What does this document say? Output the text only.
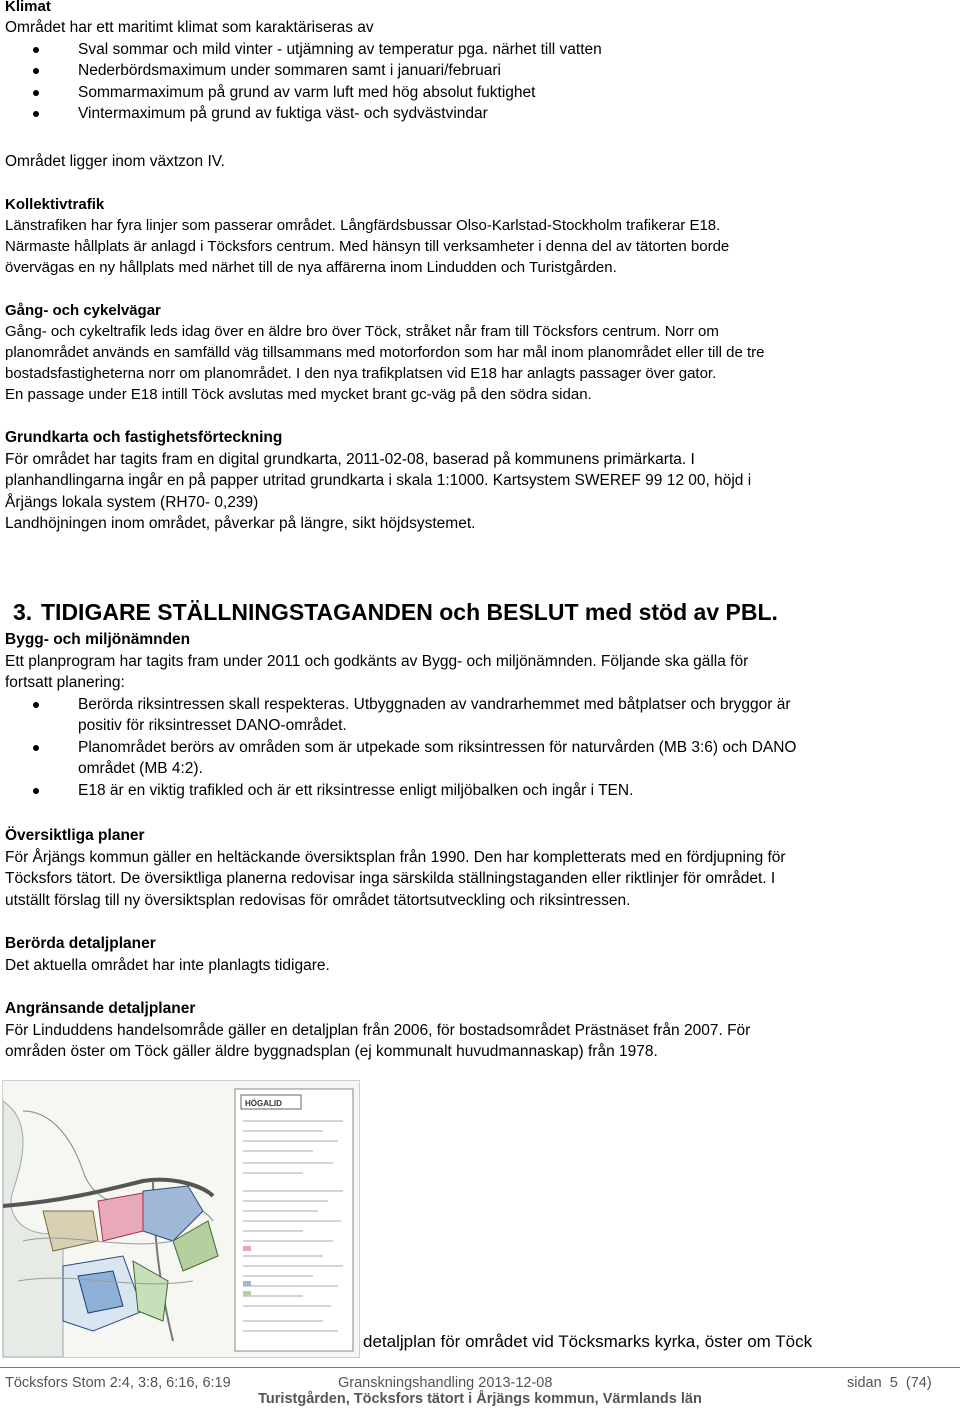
Klimat

Området har ett maritimt klimat som karaktäriseras av

Sval sommar och mild vinter - utjämning av temperatur pga. närhet till vatten
Nederbördsmaximum under sommaren samt i januari/februari
Sommarmaximum på grund av varm luft med hög absolut fuktighet
Vintermaximum på grund av fuktiga väst- och sydvästvindar

Området ligger inom växtzon IV.

Kollektivtrafik

Länstrafiken har fyra linjer som passerar området. Långfärdsbussar Olso-Karlstad-Stockholm trafikerar E18.

Närmaste hållplats är anlagd i Töcksfors centrum. Med hänsyn till verksamheter i denna del av tätorten borde

övervägas en ny hållplats med närhet till de nya affärerna inom Lindudden och Turistgården.

Gång- och cykelvägar

Gång- och cykeltrafik leds idag över en äldre bro över Töck, stråket når fram till Töcksfors centrum. Norr om

planområdet används en samfälld väg tillsammans med motorfordon som har mål inom planområdet eller till de tre

bostadsfastigheterna norr om planområdet. I den nya trafikplatsen vid E18 har anlagts passager över gator.

En passage under E18 intill Töck avslutas med mycket brant gc-väg på den södra sidan.

Grundkarta och fastighetsförteckning

För området har tagits fram en digital grundkarta, 2011-02-08, baserad på kommunens primärkarta. I

planhandlingarna ingår en på papper utritad grundkarta i skala 1:1000. Kartsystem SWEREF 99 12 00, höjd i

Årjängs lokala system (RH70- 0,239)

Landhöjningen inom området, påverkar på längre, sikt höjdsystemet.

3. TIDIGARE STÄLLNINGSTAGANDEN och BESLUT med stöd av PBL.

Bygg- och miljönämnden

Ett planprogram har tagits fram under 2011 och godkänts av Bygg- och miljönämnden. Följande ska gälla för

fortsatt planering:

Berörda riksintressen skall respekteras. Utbyggnaden av vandrarhemmet med båtplatser och bryggor är
positiv för riksintresset DANO-området.
Planområdet berörs av områden som är utpekade som riksintressen för naturvården (MB 3:6) och DANO
området (MB 4:2).
E18 är en viktig trafikled och är ett riksintresse enligt miljöbalken och ingår i TEN.

Översiktliga planer

För Årjängs kommun gäller en heltäckande översiktsplan från 1990. Den har kompletterats med en fördjupning för

Töcksfors tätort. De översiktliga planerna redovisar inga särskilda ställningstaganden eller riktlinjer för området. I

utställt förslag till ny översiktsplan redovisas för området tätortsutveckling och riksintressen.

Berörda detaljplaner

Det aktuella området har inte planlagts tidigare.

Angränsande detaljplaner

För Linduddens handelsområde gäller en detaljplan från 2006, för bostadsområdet Prästnäset från 2007. För

områden öster om Töck gäller äldre byggnadsplan (ej kommunalt huvudmannaskap) från 1978.

HÖGALID
detaljplan för området vid Töcksmarks kyrka, öster om Töck
Töcksfors Stom 2:4, 3:8, 6:16, 6:19	Granskningshandling 2013-12-08	sidan 5 (74)
Turistgården, Töcksfors tätort i Årjängs kommun, Värmlands län
